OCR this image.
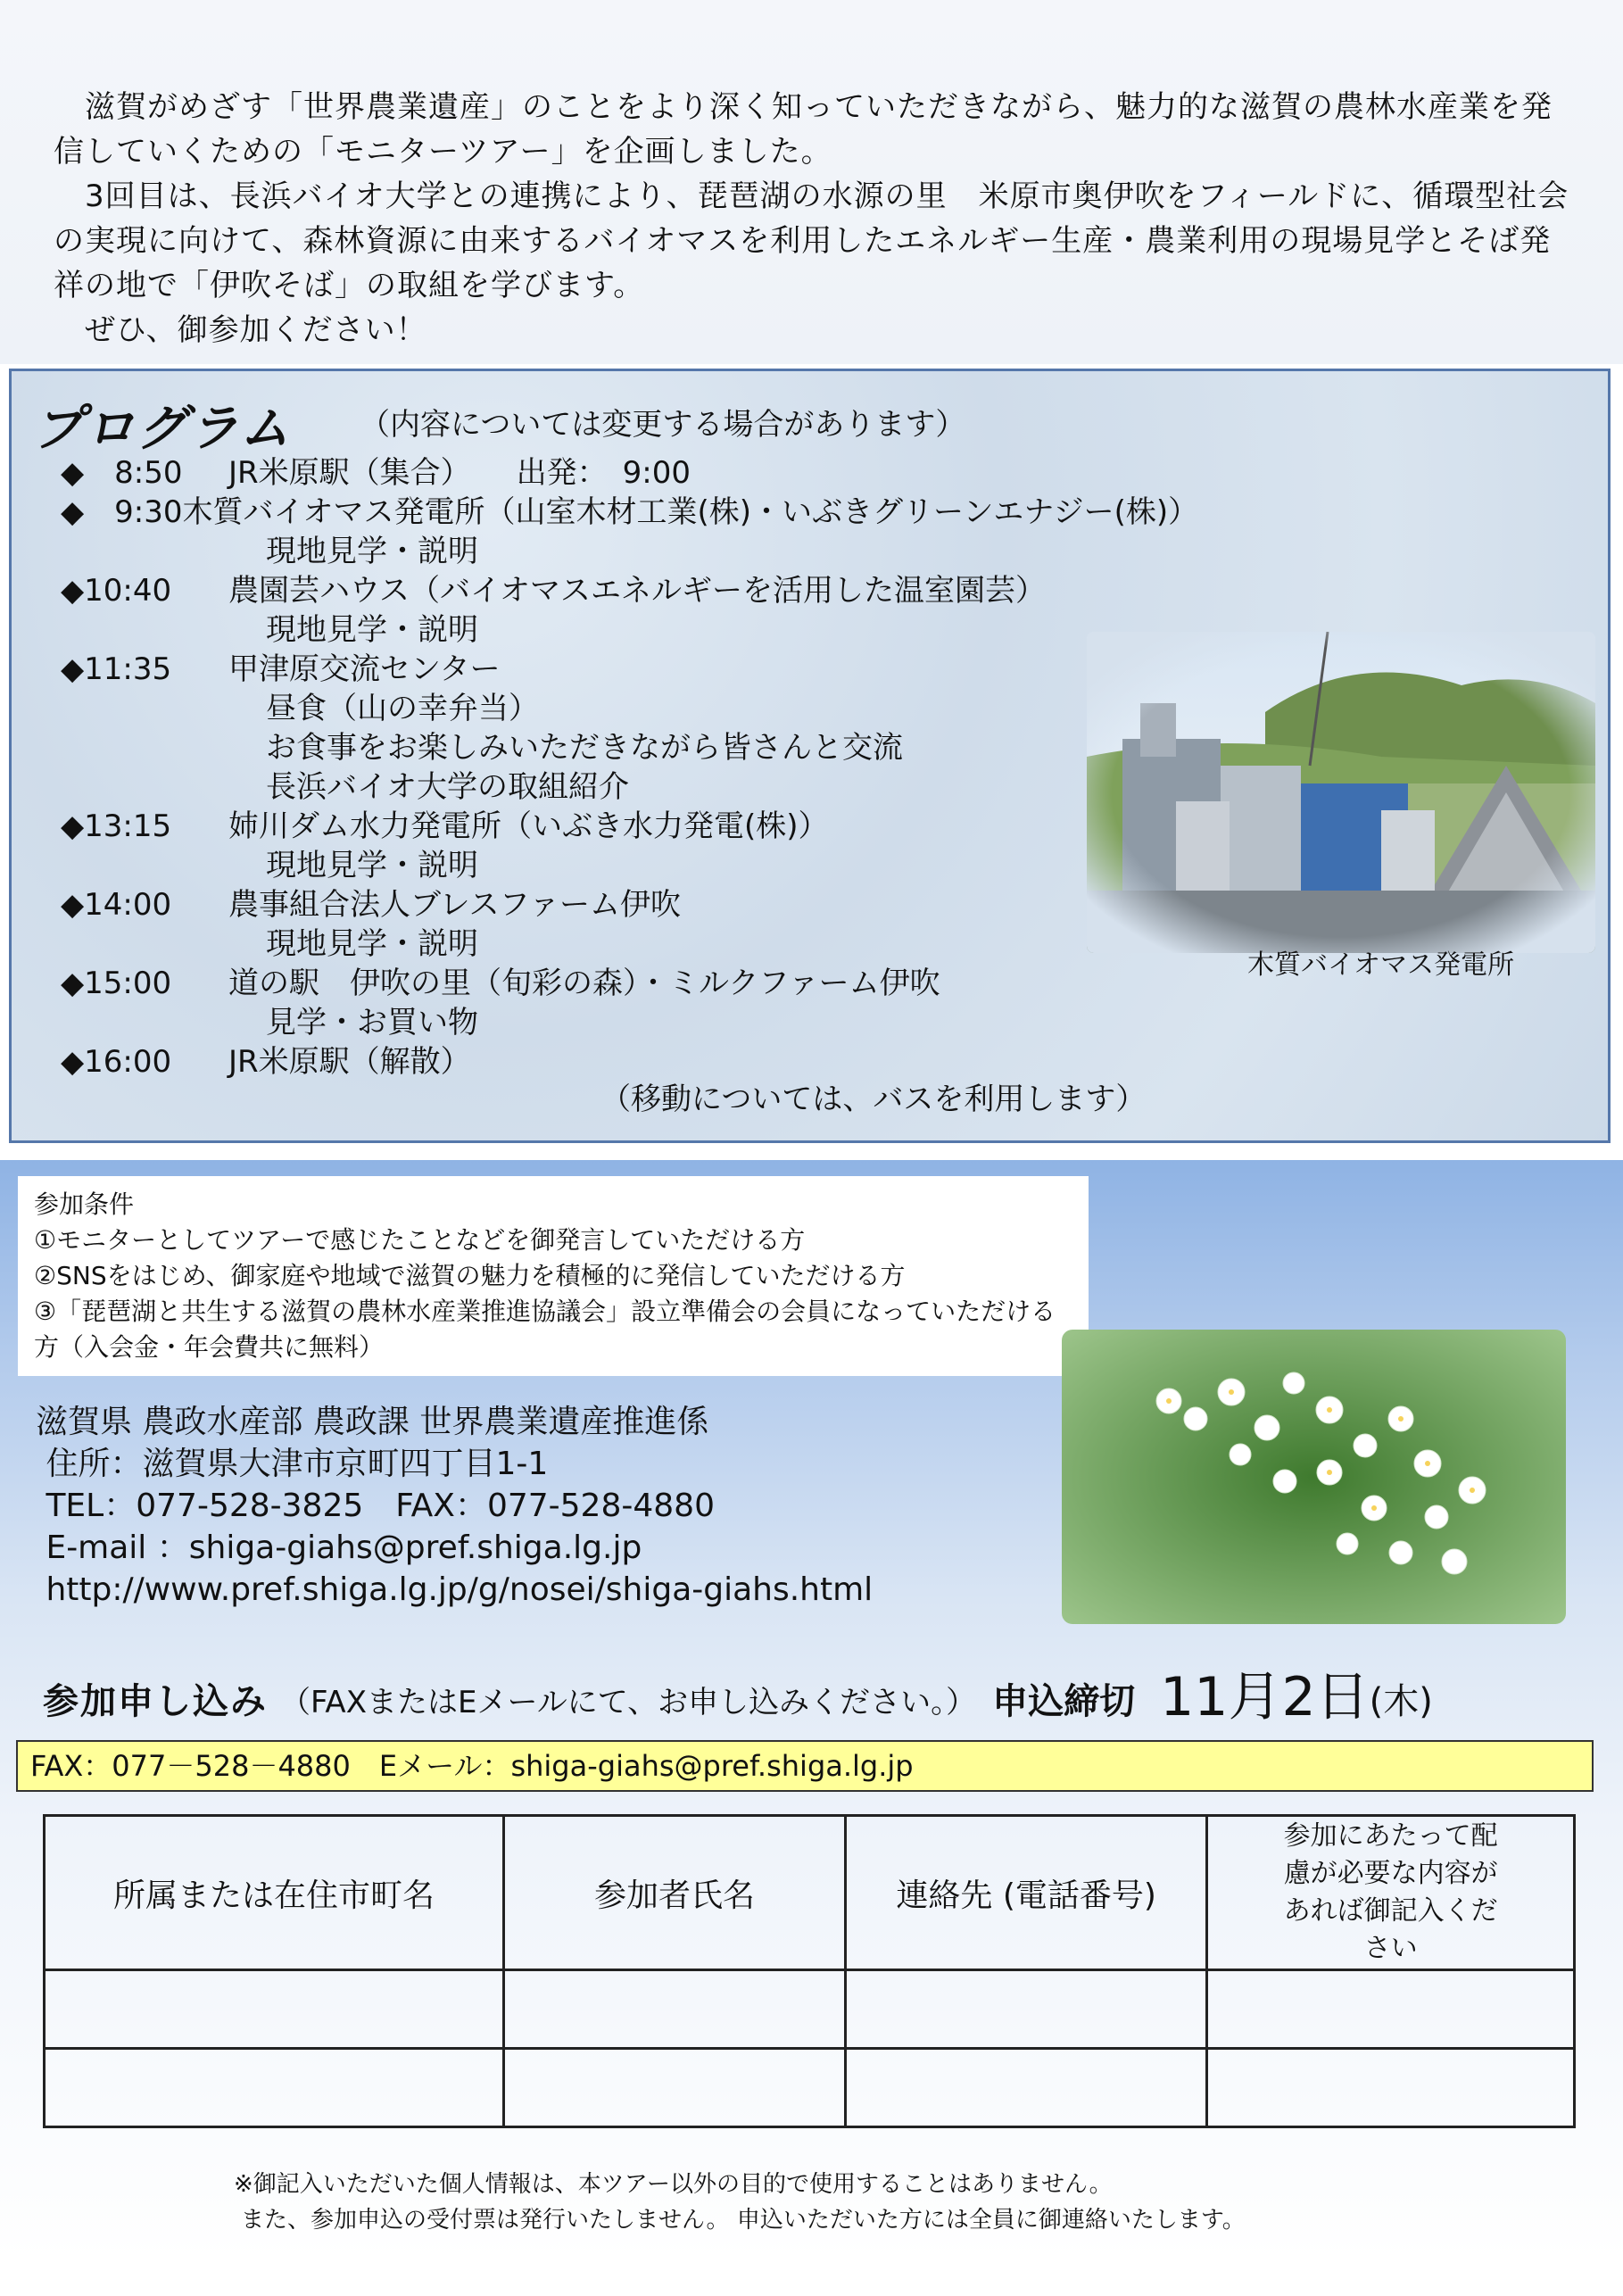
　滋賀がめざす「世界農業遺産」のことをより深く知っていただきながら、魅力的な滋賀の農林水産業を発信していくための「モニターツアー」を企画しました。
　3回目は、長浜バイオ大学との連携により、琵琶湖の水源の里　米原市奥伊吹をフィールドに、循環型社会の実現に向けて、森林資源に由来するバイオマスを利用したエネルギー生産・農業利用の現場見学とそば発祥の地で「伊吹そば」の取組を学びます。
　ぜひ、御参加ください！

プログラム （内容については変更する場合があります）
◆　8:50	JR米原駅（集合）　　出発：　9:00
◆　9:30 木質バイオマス発電所（山室木材工業(株)・いぶきグリーンエナジー(株)）
現地見学・説明
◆10:40	農園芸ハウス（バイオマスエネルギーを活用した温室園芸）
現地見学・説明
◆11:35	甲津原交流センター
昼食（山の幸弁当）
お食事をお楽しみいただきながら皆さんと交流
長浜バイオ大学の取組紹介
◆13:15	姉川ダム水力発電所（いぶき水力発電(株)）
現地見学・説明
◆14:00	農事組合法人ブレスファーム伊吹
現地見学・説明
◆15:00	道の駅　伊吹の里（旬彩の森）・ミルクファーム伊吹
見学・お買い物
◆16:00	JR米原駅（解散）
木質バイオマス発電所
（移動については、バスを利用します）
参加条件
①モニターとしてツアーで感じたことなどを御発言していただける方
②SNSをはじめ、御家庭や地域で滋賀の魅力を積極的に発信していただける方
③「琵琶湖と共生する滋賀の農林水産業推進協議会」設立準備会の会員になっていただける方（入会金・年会費共に無料）
滋賀県 農政水産部 農政課 世界農業遺産推進係
住所：滋賀県大津市京町四丁目1-1
TEL：077-528-3825　FAX：077-528-4880
E-mail ：shiga-giahs@pref.shiga.lg.jp
http://www.pref.shiga.lg.jp/g/nosei/shiga-giahs.html
参加申し込み （FAXまたはEメールにて、お申し込みください。） 申込締切 11月2日 (木)
FAX：077－528－4880　Eメール：shiga-giahs@pref.shiga.lg.jp
所属または在住市町名	参加者氏名	連絡先 (電話番号)	参加にあたって配慮が必要な内容があれば御記入ください

※御記入いただいた個人情報は、本ツアー以外の目的で使用することはありません。
また、参加申込の受付票は発行いたしません。 申込いただいた方には全員に御連絡いたします。
